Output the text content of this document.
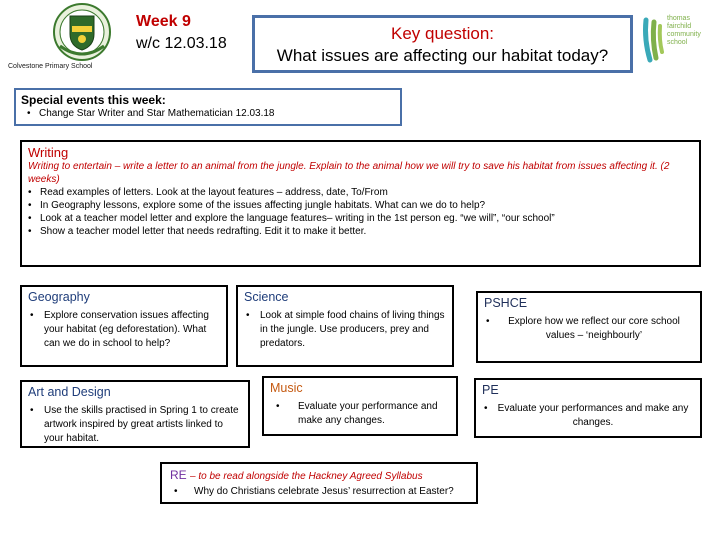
Colvestone Primary School
Week 9
w/c 12.03.18
Key question:
What issues are affecting our habitat today?
thomas fairchild community school
Special events this week:
• Change Star Writer and Star Mathematician 12.03.18
Writing
Writing to entertain – write a letter to an animal from the jungle. Explain to the animal how we will try to save his habitat from issues affecting it. (2 weeks)
• Read examples of letters. Look at the layout features – address, date, To/From
• In Geography lessons, explore some of the issues affecting jungle habitats. What can we do to help?
• Look at a teacher model letter and explore the language features– writing in the 1st person eg. “we will”, “our school”
• Show a teacher model letter that needs redrafting. Edit it to make it better.
Geography
• Explore conservation issues affecting your habitat (eg deforestation). What can we do in school to help?
Science
• Look at simple food chains of living things in the jungle. Use producers, prey and predators.
PSHCE
• Explore how we reflect our core school values – ‘neighbourly’
Art and Design
• Use the skills practised in Spring 1 to create artwork inspired by great artists linked to your habitat.
Music
• Evaluate your performance and make any changes.
PE
• Evaluate your performances and make any changes.
RE – to be read alongside the Hackney Agreed Syllabus
• Why do Christians celebrate Jesus’ resurrection at Easter?
